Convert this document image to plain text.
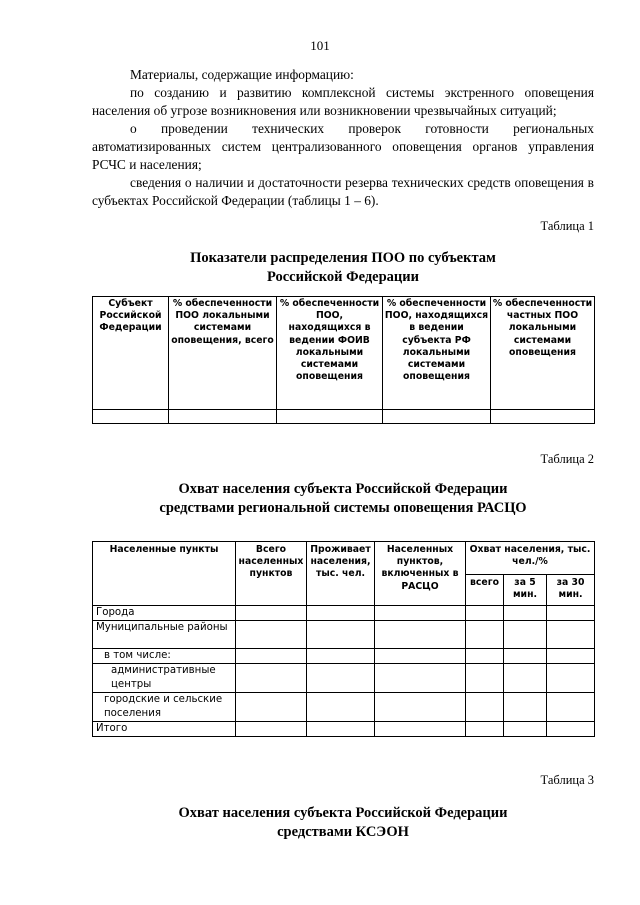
101

Материалы, содержащие информацию:

по созданию и развитию комплексной системы экстренного оповещения населения об угрозе возникновения или возникновении чрезвычайных ситуаций;

о проведении технических проверок готовности региональных автоматизированных систем централизованного оповещения органов управления РСЧС и населения;

сведения о наличии и достаточности резерва технических средств оповещения в субъектах Российской Федерации (таблицы 1 – 6).

Таблица 1
Показатели распределения ПОО по субъектам
Российской Федерации
Субъект Российской Федерации	% обеспеченности ПОО локальными системами оповещения, всего	% обеспеченности ПОО, находящихся в ведении ФОИВ локальными системами оповещения	% обеспеченности ПОО, находящихся в ведении субъекта РФ локальными системами оповещения	% обеспеченности частных ПОО локальными системами оповещения

Таблица 2
Охват населения субъекта Российской Федерации
средствами региональной системы оповещения РАСЦО
Населенные пункты	Всего населенных пунктов	Проживает населения, тыс. чел.	Населенных пунктов, включенных в РАСЦО	Охват населения, тыс. чел./%		
				всего	за 5 мин.	за 30 мин.
Города						
Муниципальные районы						
в том числе:						
административные центры						
городские и сельские поселения						
Итого						
Таблица 3
Охват населения субъекта Российской Федерации
средствами КСЭОН
